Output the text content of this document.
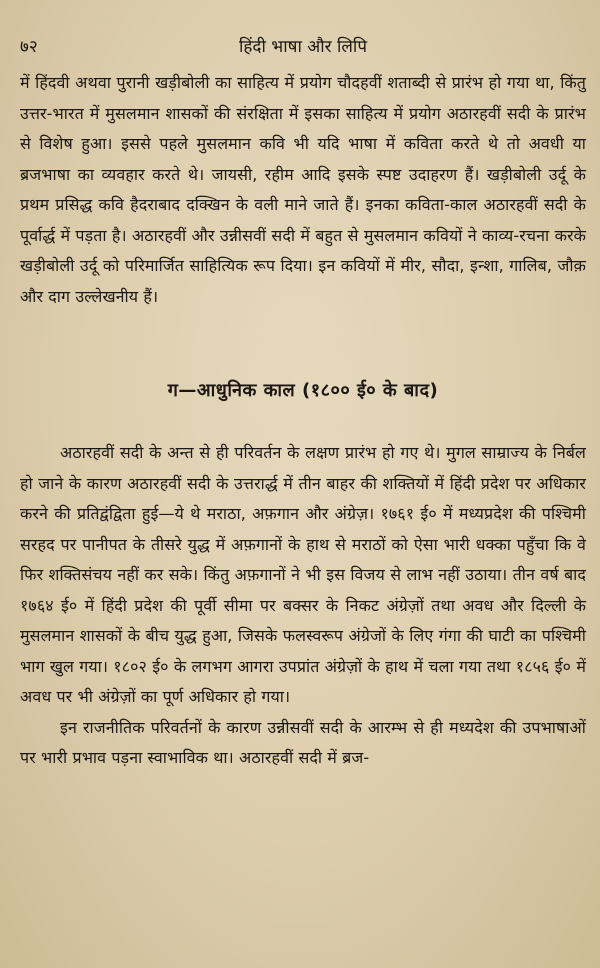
७२	हिंदी भाषा और लिपि

में हिंदवी अथवा पुरानी खड़ीबोली का साहित्य में प्रयोग चौदहवीं शताब्दी से प्रारंभ हो गया था, किंतु उत्तर-भारत में मुसलमान शासकों की संरक्षिता में इसका साहित्य में प्रयोग अठारहवीं सदी के प्रारंभ से विशेष हुआ। इससे पहले मुसलमान कवि भी यदि भाषा में कविता करते थे तो अवधी या ब्रजभाषा का व्यवहार करते थे। जायसी, रहीम आदि इसके स्पष्ट उदाहरण हैं। खड़ीबोली उर्दू के प्रथम प्रसिद्ध कवि हैदराबाद दक्खिन के वली माने जाते हैं। इनका कविता-काल अठारहवीं सदी के पूर्वार्द्ध में पड़ता है। अठारहवीं और उन्नीसवीं सदी में बहुत से मुसलमान कवियों ने काव्य-रचना करके खड़ीबोली उर्दू को परिमार्जित साहित्यिक रूप दिया। इन कवियों में मीर, सौदा, इन्शा, गालिब, जौक़ और दाग उल्लेखनीय हैं।

ग—आधुनिक काल (१८०० ई० के बाद)

अठारहवीं सदी के अन्त से ही परिवर्तन के लक्षण प्रारंभ हो गए थे। मुगल साम्राज्य के निर्बल हो जाने के कारण अठारहवीं सदी के उत्तरार्द्ध में तीन बाहर की शक्तियों में हिंदी प्रदेश पर अधिकार करने की प्रतिद्वंद्विता हुई—ये थे मराठा, अफ़गान और अंग्रेज़। १७६१ ई० में मध्यप्रदेश की पश्चिमी सरहद पर पानीपत के तीसरे युद्ध में अफ़गानों के हाथ से मराठों को ऐसा भारी धक्का पहुँचा कि वे फिर शक्तिसंचय नहीं कर सके। किंतु अफ़गानों ने भी इस विजय से लाभ नहीं उठाया। तीन वर्ष बाद १७६४ ई० में हिंदी प्रदेश की पूर्वी सीमा पर बक्सर के निकट अंग्रेज़ों तथा अवध और दिल्ली के मुसलमान शासकों के बीच युद्ध हुआ, जिसके फलस्वरूप अंग्रेजों के लिए गंगा की घाटी का पश्चिमी भाग खुल गया। १८०२ ई० के लगभग आगरा उपप्रांत अंग्रेज़ों के हाथ में चला गया तथा १८५६ ई० में अवध पर भी अंग्रेज़ों का पूर्ण अधिकार हो गया।

इन राजनीतिक परिवर्तनों के कारण उन्नीसवीं सदी के आरम्भ से ही मध्यदेश की उपभाषाओं पर भारी प्रभाव पड़ना स्वाभाविक था। अठारहवीं सदी में ब्रज-
